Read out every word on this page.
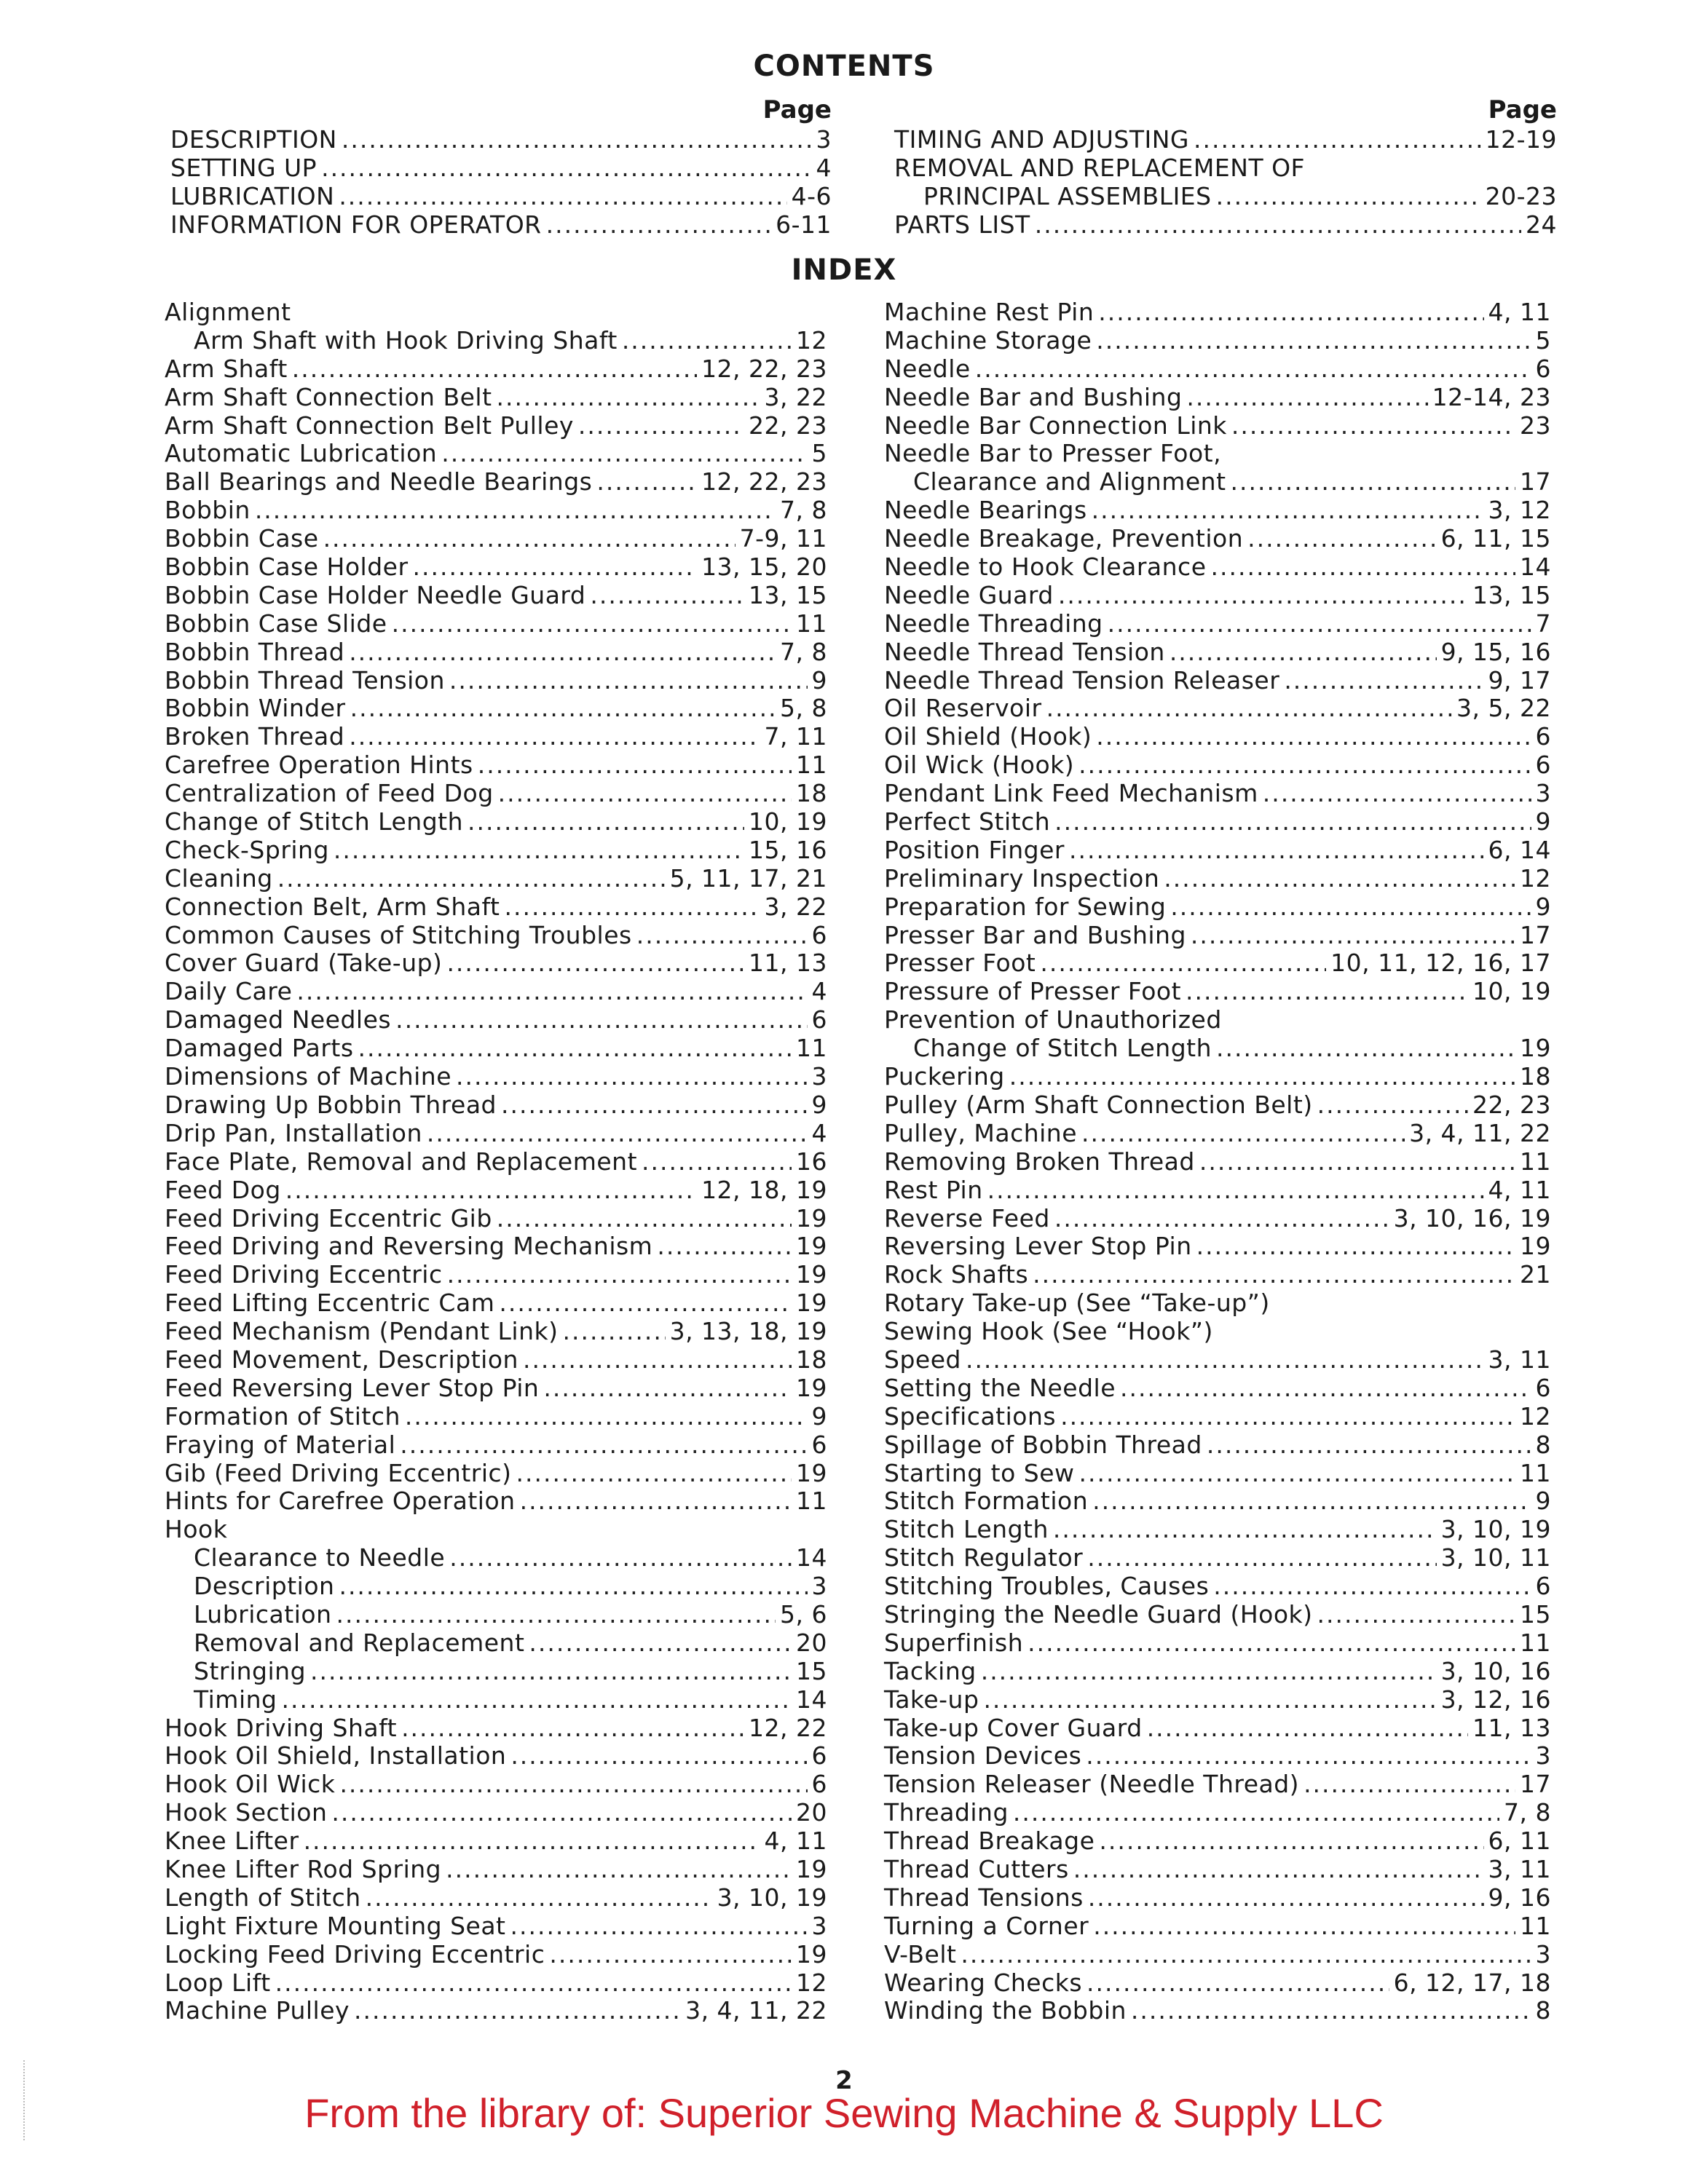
CONTENTS
Page
DESCRIPTION .....	3
SETTING UP .....	4
LUBRICATION .....	4-6
INFORMATION FOR OPERATOR .....	6-11
Page
TIMING AND ADJUSTING .....	12-19
REMOVAL AND REPLACEMENT OF
PRINCIPAL ASSEMBLIES .....	20-23
PARTS LIST .....	24
INDEX
Alignment
Arm Shaft with Hook Driving Shaft .....	12
Arm Shaft .....	12, 22, 23
Arm Shaft Connection Belt .....	3, 22
Arm Shaft Connection Belt Pulley .....	22, 23
Automatic Lubrication .....	5
Ball Bearings and Needle Bearings .....	12, 22, 23
Bobbin .....	7, 8
Bobbin Case .....	7-9, 11
Bobbin Case Holder .....	13, 15, 20
Bobbin Case Holder Needle Guard .....	13, 15
Bobbin Case Slide .....	11
Bobbin Thread .....	7, 8
Bobbin Thread Tension .....	9
Bobbin Winder .....	5, 8
Broken Thread .....	7, 11
Carefree Operation Hints .....	11
Centralization of Feed Dog .....	18
Change of Stitch Length .....	10, 19
Check-Spring .....	15, 16
Cleaning .....	5, 11, 17, 21
Connection Belt, Arm Shaft .....	3, 22
Common Causes of Stitching Troubles .....	6
Cover Guard (Take-up) .....	11, 13
Daily Care .....	4
Damaged Needles .....	6
Damaged Parts .....	11
Dimensions of Machine .....	3
Drawing Up Bobbin Thread .....	9
Drip Pan, Installation .....	4
Face Plate, Removal and Replacement .....	16
Feed Dog .....	12, 18, 19
Feed Driving Eccentric Gib .....	19
Feed Driving and Reversing Mechanism .....	19
Feed Driving Eccentric .....	19
Feed Lifting Eccentric Cam .....	19
Feed Mechanism (Pendant Link) .....	3, 13, 18, 19
Feed Movement, Description .....	18
Feed Reversing Lever Stop Pin .....	19
Formation of Stitch .....	9
Fraying of Material .....	6
Gib (Feed Driving Eccentric) .....	19
Hints for Carefree Operation .....	11
Hook
Clearance to Needle .....	14
Description .....	3
Lubrication .....	5, 6
Removal and Replacement .....	20
Stringing .....	15
Timing .....	14
Hook Driving Shaft .....	12, 22
Hook Oil Shield, Installation .....	6
Hook Oil Wick .....	6
Hook Section .....	20
Knee Lifter .....	4, 11
Knee Lifter Rod Spring .....	19
Length of Stitch .....	3, 10, 19
Light Fixture Mounting Seat .....	3
Locking Feed Driving Eccentric .....	19
Loop Lift .....	12
Machine Pulley .....	3, 4, 11, 22
Machine Rest Pin .....	4, 11
Machine Storage .....	5
Needle .....	6
Needle Bar and Bushing .....	12-14, 23
Needle Bar Connection Link .....	23
Needle Bar to Presser Foot,
Clearance and Alignment .....	17
Needle Bearings .....	3, 12
Needle Breakage, Prevention .....	6, 11, 15
Needle to Hook Clearance .....	14
Needle Guard .....	13, 15
Needle Threading .....	7
Needle Thread Tension .....	9, 15, 16
Needle Thread Tension Releaser .....	9, 17
Oil Reservoir .....	3, 5, 22
Oil Shield (Hook) .....	6
Oil Wick (Hook) .....	6
Pendant Link Feed Mechanism .....	3
Perfect Stitch .....	9
Position Finger .....	6, 14
Preliminary Inspection .....	12
Preparation for Sewing .....	9
Presser Bar and Bushing .....	17
Presser Foot .....	10, 11, 12, 16, 17
Pressure of Presser Foot .....	10, 19
Prevention of Unauthorized
Change of Stitch Length .....	19
Puckering .....	18
Pulley (Arm Shaft Connection Belt) .....	22, 23
Pulley, Machine .....	3, 4, 11, 22
Removing Broken Thread .....	11
Rest Pin .....	4, 11
Reverse Feed .....	3, 10, 16, 19
Reversing Lever Stop Pin .....	19
Rock Shafts .....	21
Rotary Take-up (See “Take-up”)
Sewing Hook (See “Hook”)
Speed .....	3, 11
Setting the Needle .....	6
Specifications .....	12
Spillage of Bobbin Thread .....	8
Starting to Sew .....	11
Stitch Formation .....	9
Stitch Length .....	3, 10, 19
Stitch Regulator .....	3, 10, 11
Stitching Troubles, Causes .....	6
Stringing the Needle Guard (Hook) .....	15
Superfinish .....	11
Tacking .....	3, 10, 16
Take-up .....	3, 12, 16
Take-up Cover Guard .....	11, 13
Tension Devices .....	3
Tension Releaser (Needle Thread) .....	17
Threading .....	7, 8
Thread Breakage .....	6, 11
Thread Cutters .....	3, 11
Thread Tensions .....	9, 16
Turning a Corner .....	11
V-Belt .....	3
Wearing Checks .....	6, 12, 17, 18
Winding the Bobbin .....	8
2
From the library of: Superior Sewing Machine & Supply LLC
